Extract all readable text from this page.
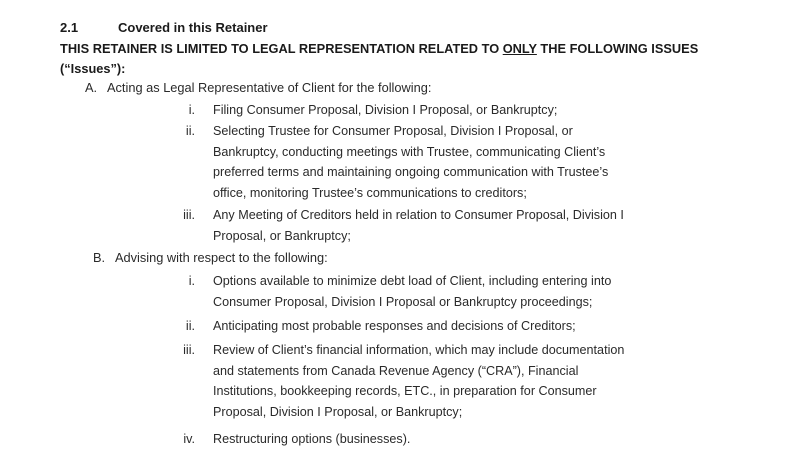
2.1	Covered in this Retainer
THIS RETAINER IS LIMITED TO LEGAL REPRESENTATION RELATED TO ONLY THE FOLLOWING ISSUES (“Issues”):
A. Acting as Legal Representative of Client for the following:
i. Filing Consumer Proposal, Division I Proposal, or Bankruptcy;
ii. Selecting Trustee for Consumer Proposal, Division I Proposal, or Bankruptcy, conducting meetings with Trustee, communicating Client’s preferred terms and maintaining ongoing communication with Trustee’s office, monitoring Trustee’s communications to creditors;
iii. Any Meeting of Creditors held in relation to Consumer Proposal, Division I Proposal, or Bankruptcy;
B. Advising with respect to the following:
i. Options available to minimize debt load of Client, including entering into Consumer Proposal, Division I Proposal or Bankruptcy proceedings;
ii. Anticipating most probable responses and decisions of Creditors;
iii. Review of Client’s financial information, which may include documentation and statements from Canada Revenue Agency (“CRA”), Financial Institutions, bookkeeping records, ETC., in preparation for Consumer Proposal, Division I Proposal, or Bankruptcy;
iv. Restructuring options (businesses).
